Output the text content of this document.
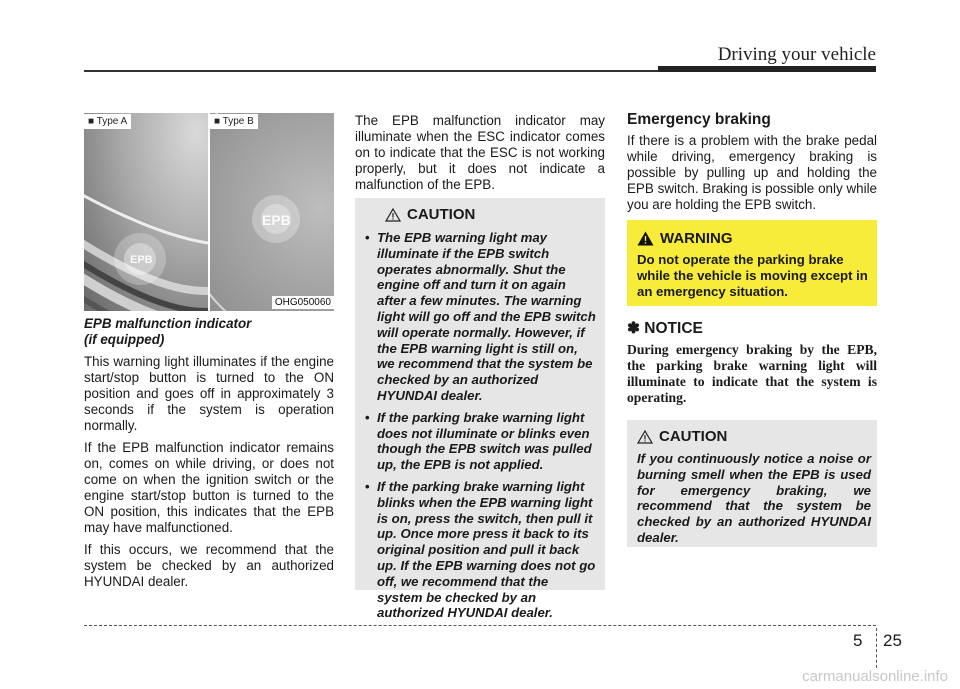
Driving your vehicle
EPB
■ Type A
EPB
■ Type B
OHG050060
EPB malfunction indicator
(if equipped)

This warning light illuminates if the engine start/stop button is turned to the ON position and goes off in approximately 3 seconds if the system is operation normally.

If the EPB malfunction indicator remains on, comes on while driving, or does not come on when the ignition switch or the engine start/stop button is turned to the ON position, this indicates that the EPB may have malfunctioned.

If this occurs, we recommend that the system be checked by an authorized HYUNDAI dealer.

The EPB malfunction indicator may illuminate when the ESC indicator comes on to indicate that the ESC is not working properly, but it does not indicate a malfunction of the EPB.
CAUTION
• The EPB warning light may illuminate if the EPB switch operates abnormally. Shut the engine off and turn it on again after a few minutes. The warning light will go off and the EPB switch will operate normally. However, if the EPB warning light is still on, we recommend that the system be checked by an authorized HYUNDAI dealer.
• If the parking brake warning light does not illuminate or blinks even though the EPB switch was pulled up, the EPB is not applied.
• If the parking brake warning light blinks when the EPB warning light is on, press the switch, then pull it up. Once more press it back to its original position and pull it back up. If the EPB warning does not go off, we recommend that the system be checked by an authorized HYUNDAI dealer.
Emergency braking
If there is a problem with the brake pedal while driving, emergency braking is possible by pulling up and holding the EPB switch. Braking is possible only while you are holding the EPB switch.
WARNING
Do not operate the parking brake while the vehicle is moving except in an emergency situation.
✽ NOTICE
During emergency braking by the EPB, the parking brake warning light will illuminate to indicate that the system is operating.
CAUTION
If you continuously notice a noise or burning smell when the EPB is used for emergency braking, we recommend that the system be checked by an authorized HYUNDAI dealer.
5 25
carmanualsonline.info
